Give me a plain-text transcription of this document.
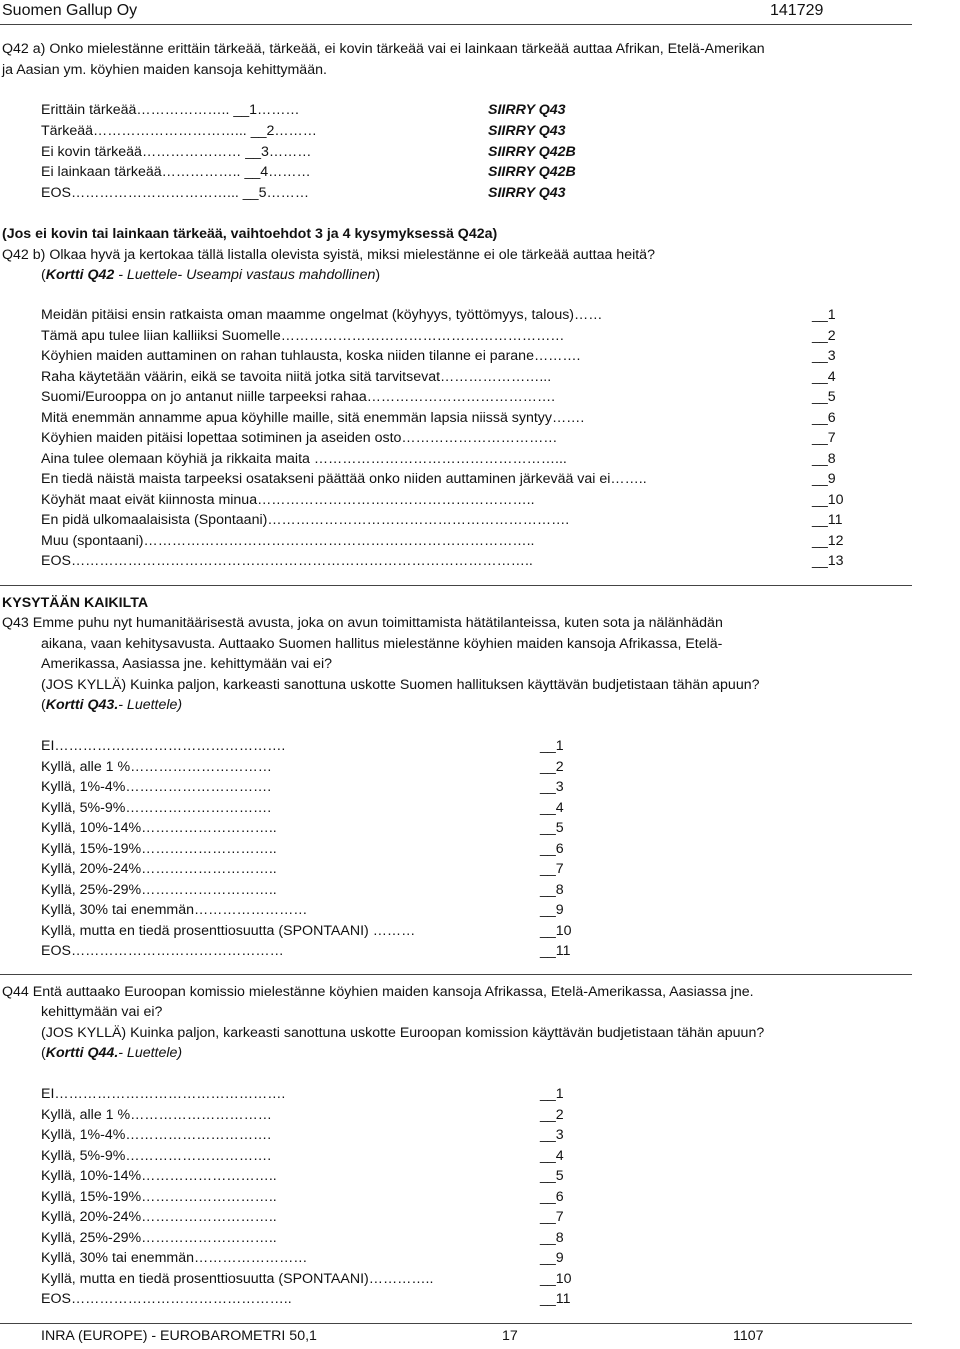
Suomen Gallup Oy	141729
Q42 a) Onko mielestänne erittäin tärkeää, tärkeää, ei kovin tärkeää vai ei lainkaan tärkeää auttaa Afrikan, Etelä-Amerikan
ja Aasian ym. köyhien maiden kansoja kehittymään.
Erittäin tärkeää……………….. __1………	SIIRRY Q43
Tärkeää…………………………... __2………	SIIRRY Q43
Ei kovin tärkeää………………… __3………	SIIRRY Q42B
Ei lainkaan tärkeää…………….. __4………	SIIRRY Q42B
EOS……………………………... __5………	SIIRRY Q43
(Jos ei kovin tai lainkaan tärkeää, vaihtoehdot 3 ja 4 kysymyksessä Q42a)
Q42 b) Olkaa hyvä ja kertokaa tällä listalla olevista syistä, miksi mielestänne ei ole tärkeää auttaa heitä?
(Kortti Q42 - Luettele- Useampi vastaus mahdollinen)
Meidän pitäisi ensin ratkaista oman maamme ongelmat (köyhyys, työttömyys, talous)……	__1
Tämä apu tulee liian kalliiksi Suomelle……………………………………………………	__2
Köyhien maiden auttaminen on rahan tuhlausta, koska niiden tilanne ei parane……….	__3
Raha käytetään väärin, eikä se tavoita niitä jotka sitä tarvitsevat…………………...	__4
Suomi/Eurooppa on jo antanut niille tarpeeksi rahaa………………………………….	__5
Mitä enemmän annamme apua köyhille maille, sitä enemmän lapsia niissä syntyy…….	__6
Köyhien maiden pitäisi lopettaa sotiminen ja aseiden osto……………………………	__7
Aina tulee olemaan köyhiä ja rikkaita maita ……………………………………………...	__8
En tiedä näistä maista tarpeeksi osatakseni päättää onko niiden auttaminen järkevää vai ei……..	__9
Köyhät maat eivät kiinnosta minua…………………………………………………..	__10
En pidä ulkomaalaisista (Spontaani)……………………………………………………….	__11
Muu (spontaani)………………………………………………………………………..	__12
EOS……………………………………………………………………………………..	__13
KYSYTÄÄN KAIKILTA
Q43 Emme puhu nyt humanitäärisestä avusta, joka on avun toimittamista hätätilanteissa, kuten sota ja nälänhädän
aikana, vaan kehitysavusta. Auttaako Suomen hallitus mielestänne köyhien maiden kansoja Afrikassa, Etelä-
Amerikassa, Aasiassa jne. kehittymään vai ei?
(JOS KYLLÄ) Kuinka paljon, karkeasti sanottuna uskotte Suomen hallituksen käyttävän budjetistaan tähän apuun?
(Kortti Q43.- Luettele)
EI………………………………………….	__1
Kyllä, alle 1 %…………………………	__2
Kyllä, 1%-4%………………………….	__3
Kyllä, 5%-9%………………………….	__4
Kyllä, 10%-14%………………………..	__5
Kyllä, 15%-19%………………………..	__6
Kyllä, 20%-24%………………………..	__7
Kyllä, 25%-29%………………………..	__8
Kyllä, 30% tai enemmän……………………	__9
Kyllä, mutta en tiedä prosenttiosuutta (SPONTAANI) ………	__10
EOS………………………………………	__11
Q44 Entä auttaako Euroopan komissio mielestänne köyhien maiden kansoja Afrikassa, Etelä-Amerikassa, Aasiassa jne.
kehittymään vai ei?
(JOS KYLLÄ) Kuinka paljon, karkeasti sanottuna uskotte Euroopan komission käyttävän budjetistaan tähän apuun?
(Kortti Q44.- Luettele)
EI………………………………………….	__1
Kyllä, alle 1 %…………………………	__2
Kyllä, 1%-4%………………………….	__3
Kyllä, 5%-9%………………………….	__4
Kyllä, 10%-14%………………………..	__5
Kyllä, 15%-19%………………………..	__6
Kyllä, 20%-24%………………………..	__7
Kyllä, 25%-29%………………………..	__8
Kyllä, 30% tai enemmän……………………	__9
Kyllä, mutta en tiedä prosenttiosuutta (SPONTAANI)…………..	__10
EOS………………………………………..	__11
INRA (EUROPE) - EUROBAROMETRI 50,1	17	1107
